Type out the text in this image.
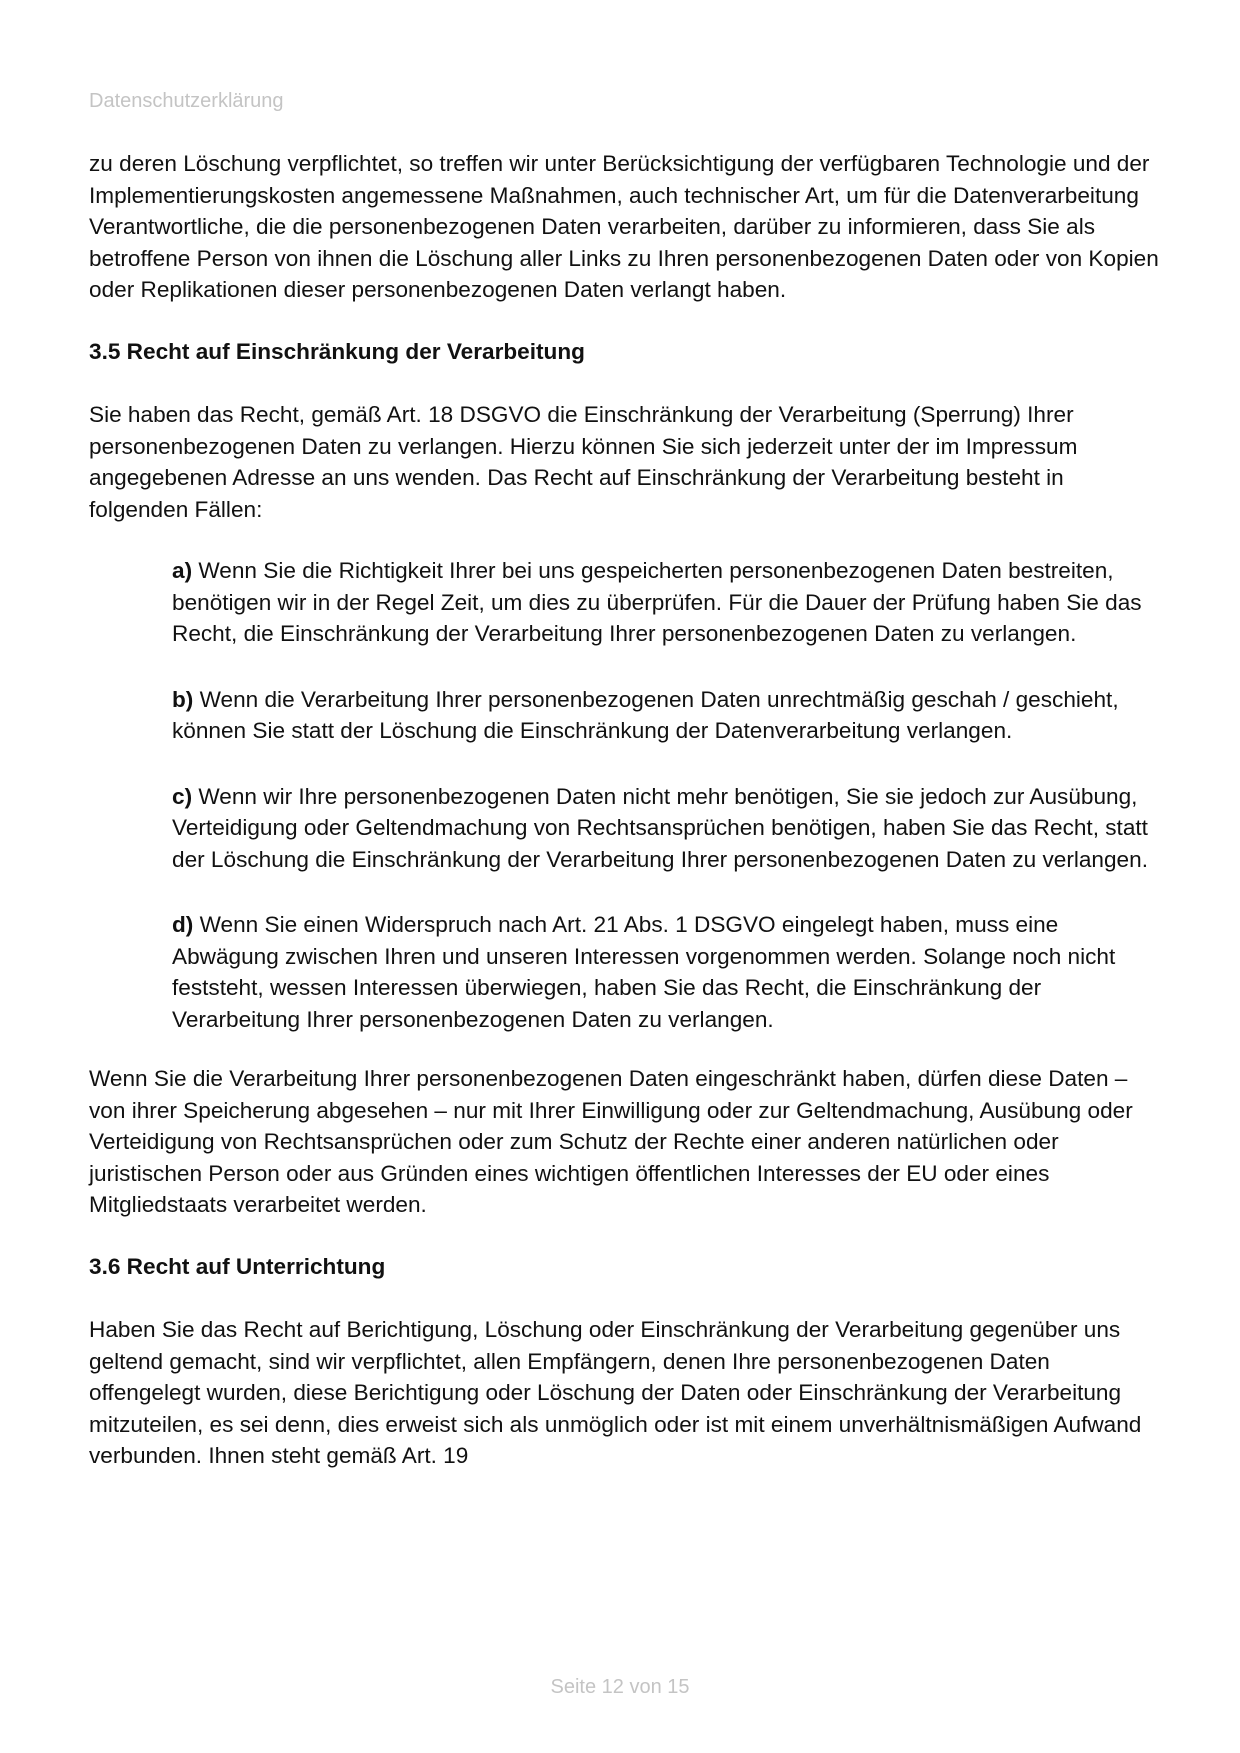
Datenschutzerklärung

zu deren Löschung verpflichtet, so treffen wir unter Berücksichtigung der verfügbaren Technologie und der Implementierungskosten angemessene Maßnahmen, auch technischer Art, um für die Datenverarbeitung Verantwortliche, die die personenbezogenen Daten verarbeiten, darüber zu informieren, dass Sie als betroffene Person von ihnen die Löschung aller Links zu Ihren personenbezogenen Daten oder von Kopien oder Replikationen dieser personenbezogenen Daten verlangt haben.

3.5 Recht auf Einschränkung der Verarbeitung

Sie haben das Recht, gemäß Art. 18 DSGVO die Einschränkung der Verarbeitung (Sperrung) Ihrer personenbezogenen Daten zu verlangen. Hierzu können Sie sich jederzeit unter der im Impressum angegebenen Adresse an uns wenden. Das Recht auf Einschränkung der Verarbeitung besteht in folgenden Fällen:

a) Wenn Sie die Richtigkeit Ihrer bei uns gespeicherten personenbezogenen Daten bestreiten, benötigen wir in der Regel Zeit, um dies zu überprüfen. Für die Dauer der Prüfung haben Sie das Recht, die Einschränkung der Verarbeitung Ihrer personenbezogenen Daten zu verlangen.

b) Wenn die Verarbeitung Ihrer personenbezogenen Daten unrechtmäßig geschah / geschieht, können Sie statt der Löschung die Einschränkung der Datenverarbeitung verlangen.

c) Wenn wir Ihre personenbezogenen Daten nicht mehr benötigen, Sie sie jedoch zur Ausübung, Verteidigung oder Geltendmachung von Rechtsansprüchen benötigen, haben Sie das Recht, statt der Löschung die Einschränkung der Verarbeitung Ihrer personenbezogenen Daten zu verlangen.

d) Wenn Sie einen Widerspruch nach Art. 21 Abs. 1 DSGVO eingelegt haben, muss eine Abwägung zwischen Ihren und unseren Interessen vorgenommen werden. Solange noch nicht feststeht, wessen Interessen überwiegen, haben Sie das Recht, die Einschränkung der Verarbeitung Ihrer personenbezogenen Daten zu verlangen.

Wenn Sie die Verarbeitung Ihrer personenbezogenen Daten eingeschränkt haben, dürfen diese Daten – von ihrer Speicherung abgesehen – nur mit Ihrer Einwilligung oder zur Geltendmachung, Ausübung oder Verteidigung von Rechtsansprüchen oder zum Schutz der Rechte einer anderen natürlichen oder juristischen Person oder aus Gründen eines wichtigen öffentlichen Interesses der EU oder eines Mitgliedstaats verarbeitet werden.

3.6 Recht auf Unterrichtung

Haben Sie das Recht auf Berichtigung, Löschung oder Einschränkung der Verarbeitung gegenüber uns geltend gemacht, sind wir verpflichtet, allen Empfängern, denen Ihre personenbezogenen Daten offengelegt wurden, diese Berichtigung oder Löschung der Daten oder Einschränkung der Verarbeitung mitzuteilen, es sei denn, dies erweist sich als unmöglich oder ist mit einem unverhältnismäßigen Aufwand verbunden. Ihnen steht gemäß Art. 19

Seite 12 von 15
